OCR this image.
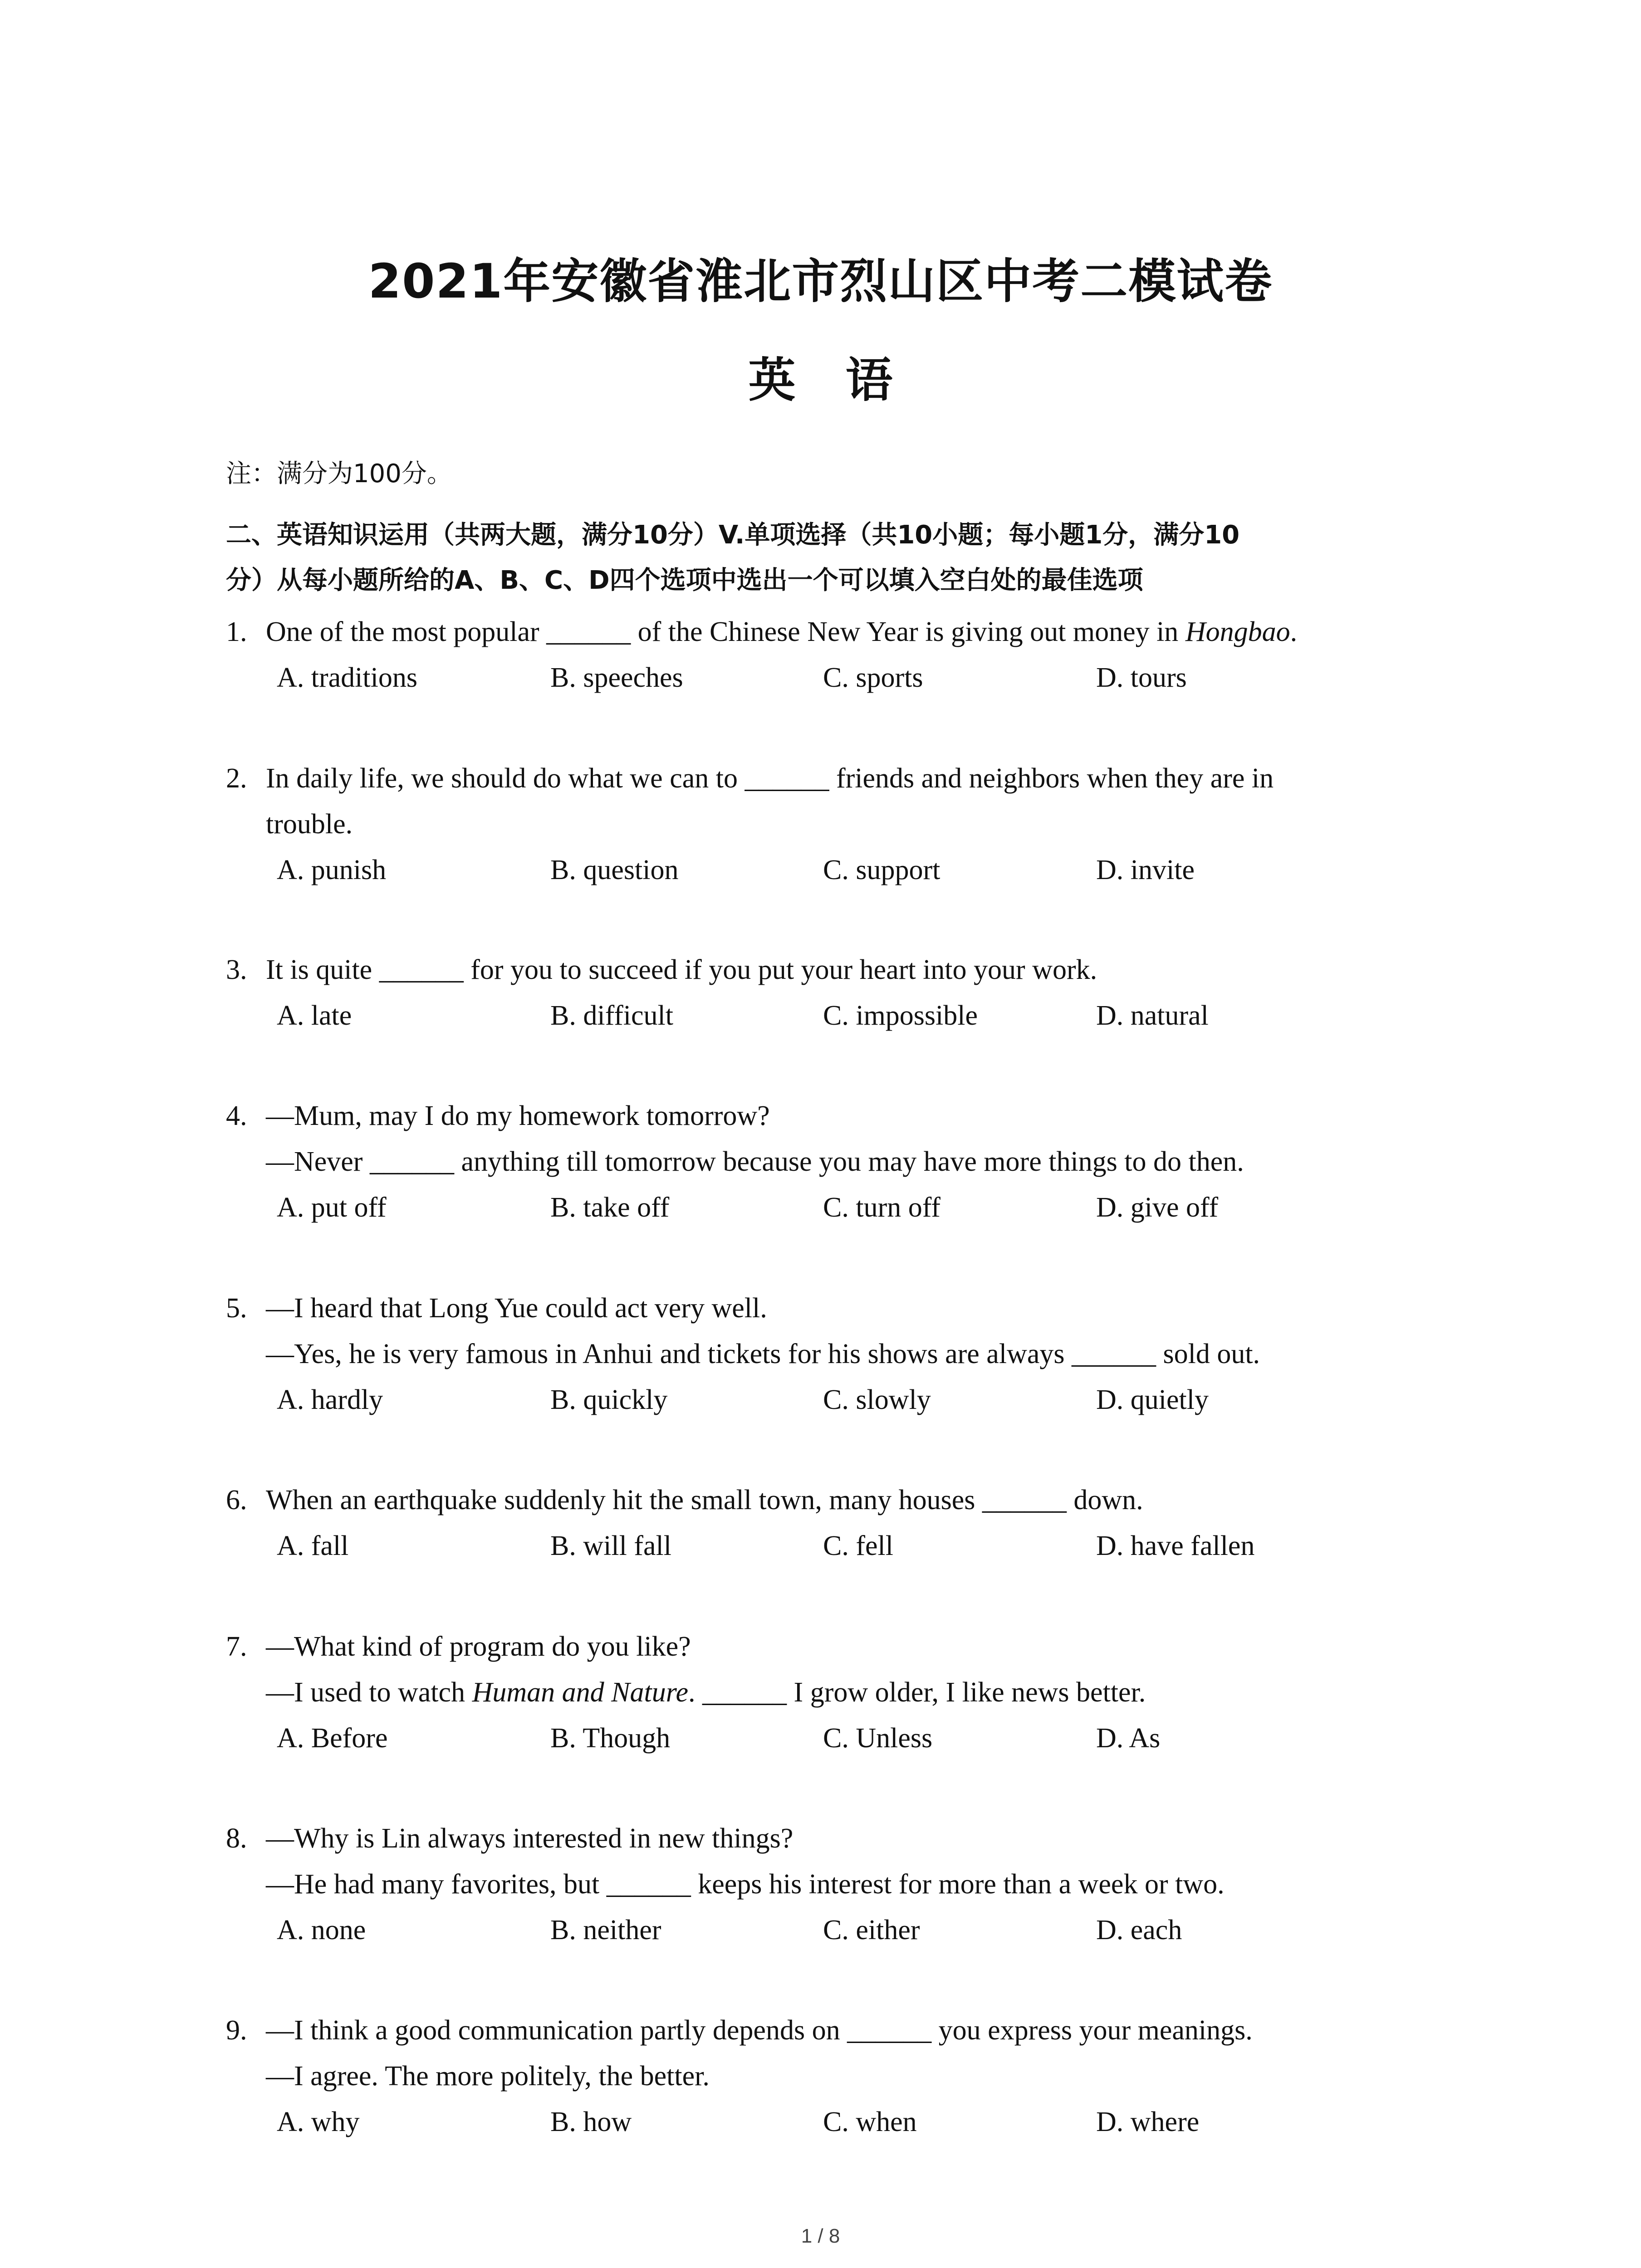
2021年安徽省淮北市烈山区中考二模试卷
英语
注：满分为100分。
二、英语知识运用（共两大题，满分10分）V.单项选择（共10小题；每小题1分，满分10
分）从每小题所给的A、B、C、D四个选项中选出一个可以填入空白处的最佳选项
1. One of the most popular ______ of the Chinese New Year is giving out money in Hongbao.
A. traditions	B. speeches	C. sports	D. tours
2. In daily life, we should do what we can to ______ friends and neighbors when they are in
trouble.
A. punish	B. question	C. support	D. invite
3. It is quite ______ for you to succeed if you put your heart into your work.
A. late	B. difficult	C. impossible	D. natural
4. —Mum, may I do my homework tomorrow?
—Never ______ anything till tomorrow because you may have more things to do then.
A. put off	B. take off	C. turn off	D. give off
5. —I heard that Long Yue could act very well.
—Yes, he is very famous in Anhui and tickets for his shows are always ______ sold out.
A. hardly	B. quickly	C. slowly	D. quietly
6. When an earthquake suddenly hit the small town, many houses ______ down.
A. fall	B. will fall	C. fell	D. have fallen
7. —What kind of program do you like?
—I used to watch Human and Nature. ______ I grow older, I like news better.
A. Before	B. Though	C. Unless	D. As
8. —Why is Lin always interested in new things?
—He had many favorites, but ______ keeps his interest for more than a week or two.
A. none	B. neither	C. either	D. each
9. —I think a good communication partly depends on ______ you express your meanings.
—I agree. The more politely, the better.
A. why	B. how	C. when	D. where
1 / 8
